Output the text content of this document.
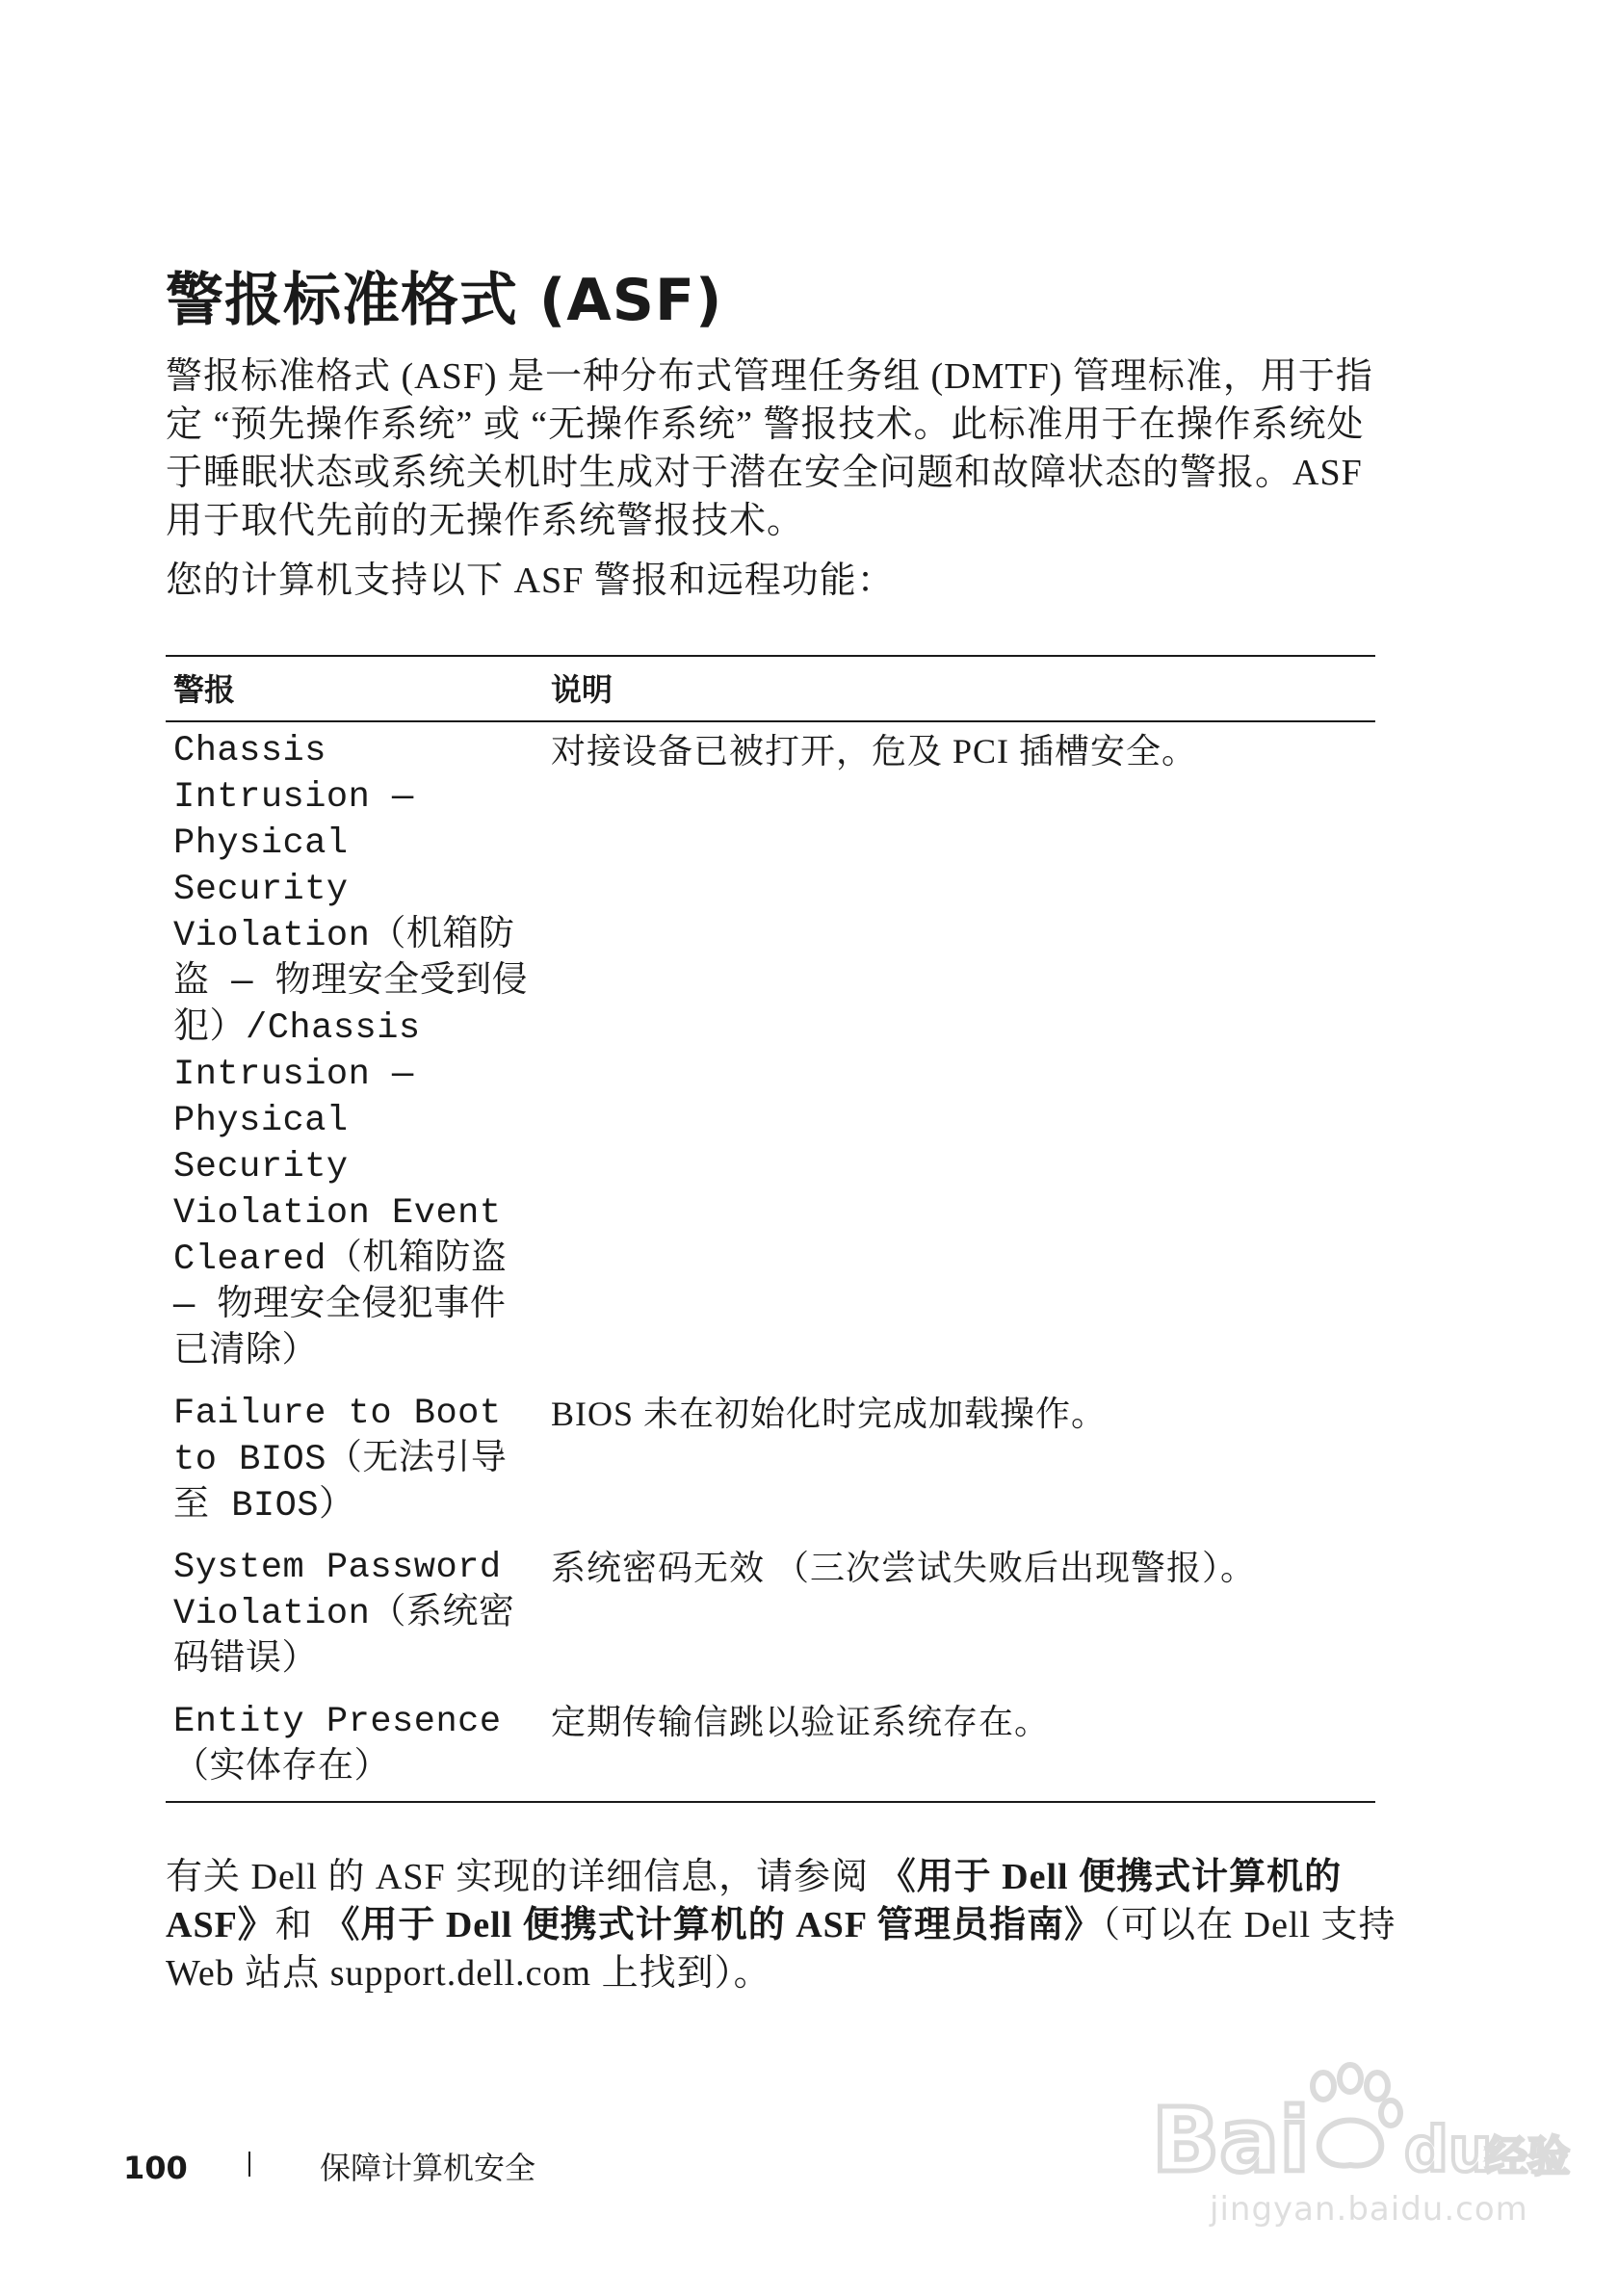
警报标准格式 (ASF)

警报标准格式 (ASF) 是一种分布式管理任务组 (DMTF) 管理标准，用于指定 “预先操作系统” 或 “无操作系统” 警报技术。此标准用于在操作系统处于睡眠状态或系统关机时生成对于潜在安全问题和故障状态的警报。ASF 用于取代先前的无操作系统警报技术。

您的计算机支持以下 ASF 警报和远程功能：

警报	说明
Chassis Intrusion — Physical Security Violation（机箱防盗 — 物理安全受到侵犯）/Chassis Intrusion — Physical Security Violation Event Cleared（机箱防盗 — 物理安全侵犯事件已清除）	对接设备已被打开，危及 PCI 插槽安全。
Failure to Boot to BIOS（无法引导至 BIOS）	BIOS 未在初始化时完成加载操作。
System Password Violation（系统密码错误）	系统密码无效 （三次尝试失败后出现警报）。
Entity Presence （实体存在）	定期传输信跳以验证系统存在。

有关 Dell 的 ASF 实现的详细信息，请参阅 《用于 Dell 便携式计算机的 ASF》和 《用于 Dell 便携式计算机的 ASF 管理员指南》（可以在 Dell 支持 Web 站点 support.dell.com 上找到）。

100	保障计算机安全	Bai du
经验
jingyan.baidu.com
